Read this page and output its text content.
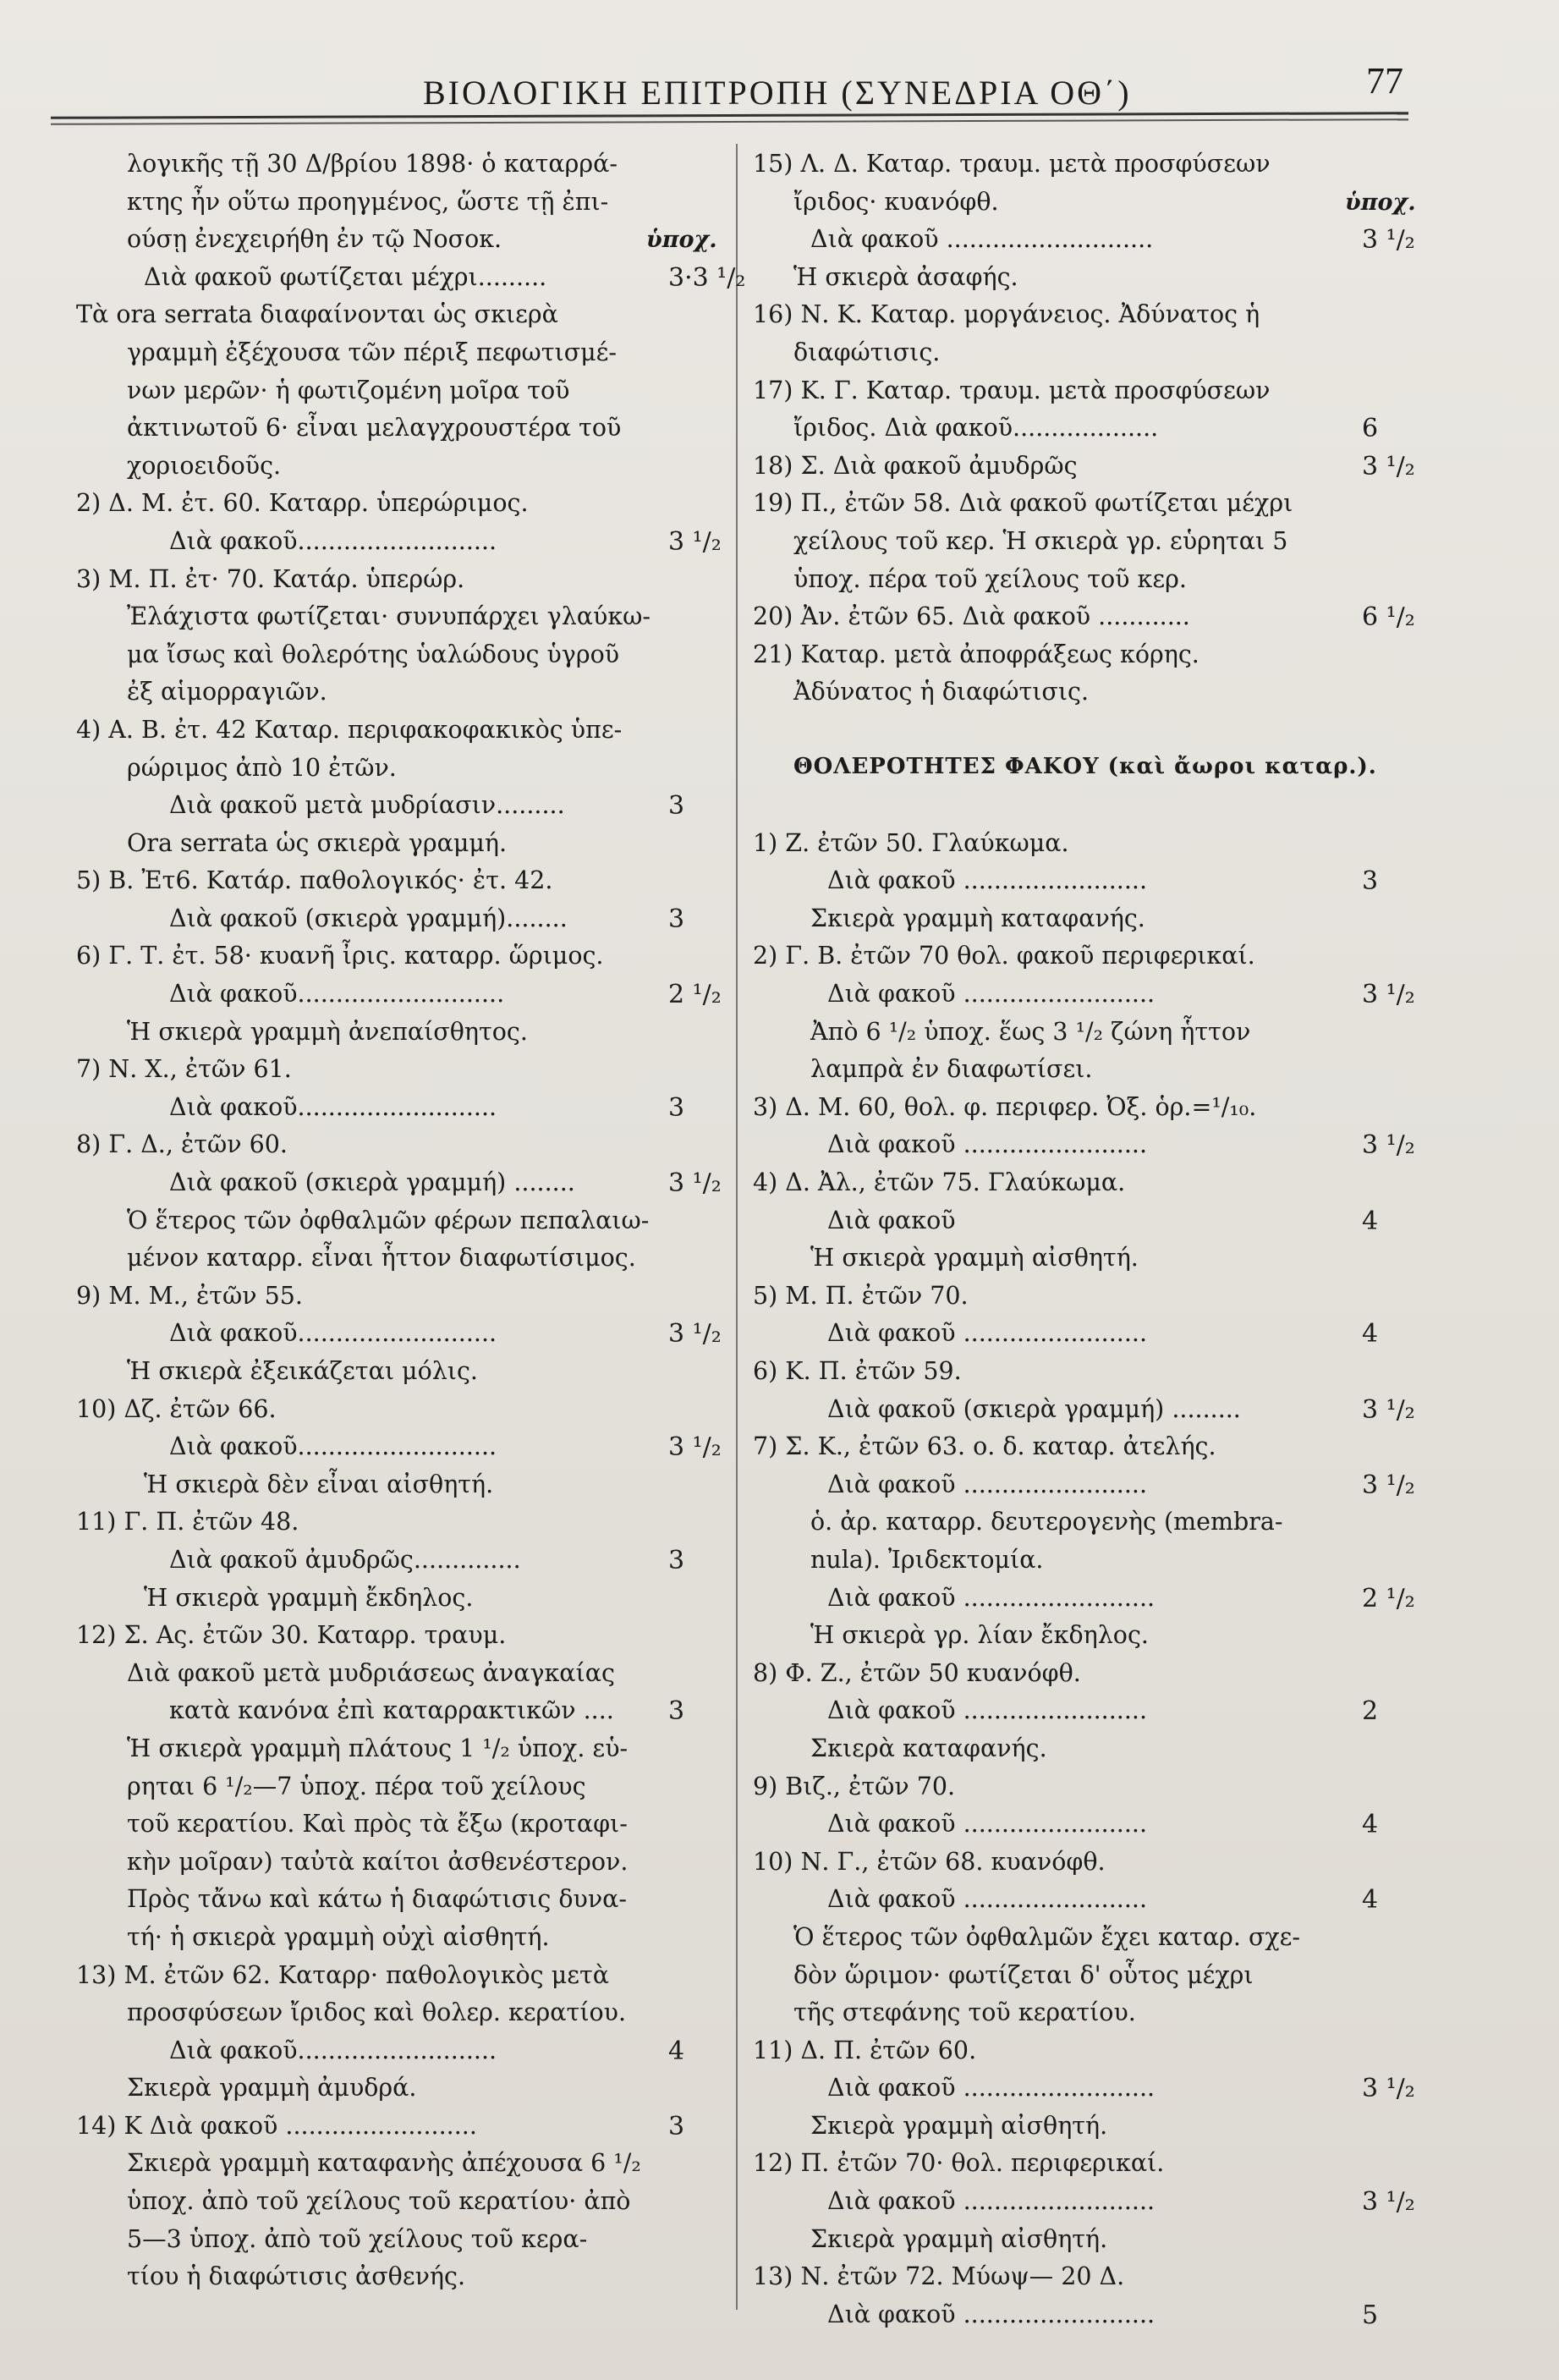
ΒΙΟΛΟΓΙΚΗ ΕΠΙΤΡΟΠΗ (ΣΥΝΕΔΡΙΑ ΟΘ΄)	77
λογικῆς τῇ 30 Δ/βρίου 1898· ὁ καταρρά-
κτης ἦν οὕτω προηγμένος, ὥστε τῇ ἐπι-
ούσῃ ἐνεχειρήθη ἐν τῷ Νοσοκ.	ὑποχ.
Διὰ φακοῦ φωτίζεται μέχρι.........	3·3 ¹/₂
Τὰ ora serrata διαφαίνονται ὡς σκιερὰ
γραμμὴ ἐξέχουσα τῶν πέριξ πεφωτισμέ-
νων μερῶν· ἡ φωτιζομένη μοῖρα τοῦ
ἀκτινωτοῦ 6· εἶναι μελαγχρουστέρα τοῦ
χοριοειδοῦς.
2) Δ. Μ. ἐτ. 60. Καταρρ. ὑπερώριμος.
Διὰ φακοῦ..........................	3 ¹/₂
3) Μ. Π. ἐτ· 70. Κατάρ. ὑπερώρ.
Ἐλάχιστα φωτίζεται· συνυπάρχει γλαύκω-
μα ἴσως καὶ θολερότης ὑαλώδους ὑγροῦ
ἐξ αἱμορραγιῶν.
4) Α. Β. ἐτ. 42 Καταρ. περιφακοφακικὸς ὑπε-
ρώριμος ἀπὸ 10 ἐτῶν.
Διὰ φακοῦ μετὰ μυδρίασιν.........	3
Ora serrata ὡς σκιερὰ γραμμή.
5) Β. Ἐτ6. Κατάρ. παθολογικός· ἐτ. 42.
Διὰ φακοῦ (σκιερὰ γραμμή)........	3
6) Γ. Τ. ἐτ. 58· κυανῆ ἶρις. καταρρ. ὥριμος.
Διὰ φακοῦ...........................	2 ¹/₂
Ἡ σκιερὰ γραμμὴ ἀνεπαίσθητος.
7) Ν. Χ., ἐτῶν 61.
Διὰ φακοῦ..........................	3
8) Γ. Δ., ἐτῶν 60.
Διὰ φακοῦ (σκιερὰ γραμμή) ........	3 ¹/₂
Ὁ ἕτερος τῶν ὀφθαλμῶν φέρων πεπαλαιω-
μένον καταρρ. εἶναι ἧττον διαφωτίσιμος.
9) Μ. Μ., ἐτῶν 55.
Διὰ φακοῦ..........................	3 ¹/₂
Ἡ σκιερὰ ἐξεικάζεται μόλις.
10) Δζ. ἐτῶν 66.
Διὰ φακοῦ..........................	3 ¹/₂
Ἡ σκιερὰ δὲν εἶναι αἰσθητή.
11) Γ. Π. ἐτῶν 48.
Διὰ φακοῦ ἀμυδρῶς..............	3
Ἡ σκιερὰ γραμμὴ ἔκδηλος.
12) Σ. Ας. ἐτῶν 30. Καταρρ. τραυμ.
Διὰ φακοῦ μετὰ μυδριάσεως ἀναγκαίας
κατὰ κανόνα ἐπὶ καταρρακτικῶν .... 3
Ἡ σκιερὰ γραμμὴ πλάτους 1 ¹/₂ ὑποχ. εὑ-
ρηται 6 ¹/₂—7 ὑποχ. πέρα τοῦ χείλους
τοῦ κερατίου. Καὶ πρὸς τὰ ἔξω (κροταφι-
κὴν μοῖραν) ταὐτὰ καίτοι ἀσθενέστερον.
Πρὸς τἄνω καὶ κάτω ἡ διαφώτισις δυνα-
τή· ἡ σκιερὰ γραμμὴ οὐχὶ αἰσθητή.
13) Μ. ἐτῶν 62. Καταρρ· παθολογικὸς μετὰ
προσφύσεων ἴριδος καὶ θολερ. κερατίου.
Διὰ φακοῦ..........................	4
Σκιερὰ γραμμὴ ἀμυδρά.
14) Κ Διὰ φακοῦ .........................	3
Σκιερὰ γραμμὴ καταφανὴς ἀπέχουσα 6 ¹/₂
ὑποχ. ἀπὸ τοῦ χείλους τοῦ κερατίου· ἀπὸ
5—3 ὑποχ. ἀπὸ τοῦ χείλους τοῦ κερα-
τίου ἡ διαφώτισις ἀσθενής.
15) Λ. Δ. Καταρ. τραυμ. μετὰ προσφύσεων
ἴριδος· κυανόφθ.	ὑποχ.
Διὰ φακοῦ ...........................	3 ¹/₂
Ἡ σκιερὰ ἀσαφής.
16) Ν. Κ. Καταρ. μοργάνειος. Ἀδύνατος ἡ
διαφώτισις.
17) Κ. Γ. Καταρ. τραυμ. μετὰ προσφύσεων
ἴριδος. Διὰ φακοῦ...................	6
18) Σ. Διὰ φακοῦ ἀμυδρῶς	3 ¹/₂
19) Π., ἐτῶν 58. Διὰ φακοῦ φωτίζεται μέχρι
χείλους τοῦ κερ. Ἡ σκιερὰ γρ. εὑρηται 5
ὑποχ. πέρα τοῦ χείλους τοῦ κερ.
20) Ἀν. ἐτῶν 65. Διὰ φακοῦ ............	6 ¹/₂
21) Καταρ. μετὰ ἀποφράξεως κόρης.
Ἀδύνατος ἡ διαφώτισις.
ΘΟΛΕΡΟΤΗΤΕΣ ΦΑΚΟΥ (καὶ ἄωροι καταρ.).
1) Ζ. ἐτῶν 50. Γλαύκωμα.
Διὰ φακοῦ ........................	3
Σκιερὰ γραμμὴ καταφανής.
2) Γ. Β. ἐτῶν 70 θολ. φακοῦ περιφερικαί.
Διὰ φακοῦ .........................	3 ¹/₂
Ἀπὸ 6 ¹/₂ ὑποχ. ἕως 3 ¹/₂ ζώνη ἧττον
λαμπρὰ ἐν διαφωτίσει.
3) Δ. Μ. 60, θολ. φ. περιφερ. Ὀξ. ὁρ.=¹/₁₀.
Διὰ φακοῦ ........................	3 ¹/₂
4) Δ. Ἀλ., ἐτῶν 75. Γλαύκωμα.
Διὰ φακοῦ	4
Ἡ σκιερὰ γραμμὴ αἰσθητή.
5) Μ. Π. ἐτῶν 70.
Διὰ φακοῦ ........................	4
6) Κ. Π. ἐτῶν 59.
Διὰ φακοῦ (σκιερὰ γραμμή) .........	3 ¹/₂
7) Σ. Κ., ἐτῶν 63. ο. δ. καταρ. ἀτελής.
Διὰ φακοῦ ........................	3 ¹/₂
ὁ. ἀρ. καταρρ. δευτερογενὴς (membra-
nula). Ἰριδεκτομία.
Διὰ φακοῦ .........................	2 ¹/₂
Ἡ σκιερὰ γρ. λίαν ἔκδηλος.
8) Φ. Ζ., ἐτῶν 50 κυανόφθ.
Διὰ φακοῦ ........................	2
Σκιερὰ καταφανής.
9) Βιζ., ἐτῶν 70.
Διὰ φακοῦ ........................	4
10) Ν. Γ., ἐτῶν 68. κυανόφθ.
Διὰ φακοῦ ........................	4
Ὁ ἕτερος τῶν ὀφθαλμῶν ἔχει καταρ. σχε-
δὸν ὥριμον· φωτίζεται δ' οὗτος μέχρι
τῆς στεφάνης τοῦ κερατίου.
11) Δ. Π. ἐτῶν 60.
Διὰ φακοῦ .........................	3 ¹/₂
Σκιερὰ γραμμὴ αἰσθητή.
12) Π. ἐτῶν 70· θολ. περιφερικαί.
Διὰ φακοῦ .........................	3 ¹/₂
Σκιερὰ γραμμὴ αἰσθητή.
13) Ν. ἐτῶν 72. Μύωψ— 20 Δ.
Διὰ φακοῦ .........................	5
